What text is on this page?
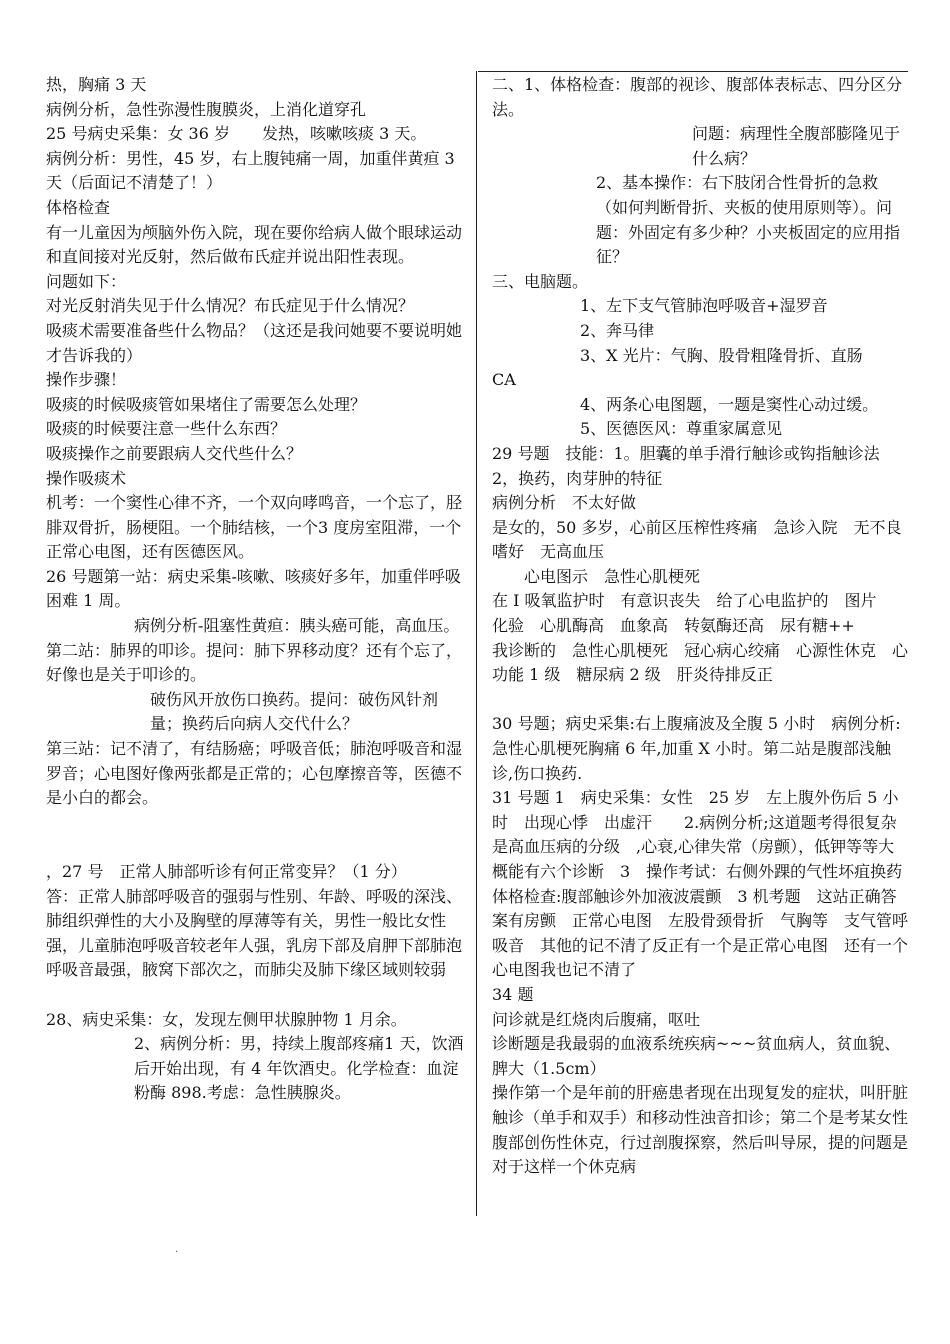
热，胸痛 3 天

病例分析，急性弥漫性腹膜炎，上消化道穿孔

25 号病史采集：女 36 岁　　发热，咳嗽咳痰 3 天。

病例分析：男性，45 岁，右上腹钝痛一周，加重伴黄疸 3 天（后面记不清楚了！）

体格检查

有一儿童因为颅脑外伤入院，现在要你给病人做个眼球运动和直间接对光反射，然后做布氏症并说出阳性表现。

问题如下：

对光反射消失见于什么情况？布氏症见于什么情况？

吸痰术需要准备些什么物品？（这还是我问她要不要说明她才告诉我的）

操作步骤！

吸痰的时候吸痰管如果堵住了需要怎么处理？

吸痰的时候要注意一些什么东西？

吸痰操作之前要跟病人交代些什么？

操作吸痰术

机考：一个窦性心律不齐，一个双向哮鸣音，一个忘了，胫腓双骨折，肠梗阻。一个肺结核，一个3 度房室阻滞，一个正常心电图，还有医德医风。

26 号题第一站：病史采集-咳嗽、咳痰好多年，加重伴呼吸困难 1 周。

病例分析-阻塞性黄疸：胰头癌可能，高血压。

第二站：肺界的叩诊。提问：肺下界移动度？还有个忘了，好像也是关于叩诊的。

破伤风开放伤口换药。提问：破伤风针剂量；换药后向病人交代什么？

第三站：记不清了，有结肠癌；呼吸音低；肺泡呼吸音和湿罗音；心电图好像两张都是正常的；心包摩擦音等，医德不是小白的都会。

，27 号　正常人肺部听诊有何正常变异？（1 分）

答：正常人肺部呼吸音的强弱与性别、年龄、呼吸的深浅、肺组织弹性的大小及胸壁的厚薄等有关，男性一般比女性强，儿童肺泡呼吸音较老年人强，乳房下部及肩胛下部肺泡呼吸音最强，腋窝下部次之，而肺尖及肺下缘区域则较弱

28、病史采集：女，发现左侧甲状腺肿物 1 月余。

2、病例分析：男，持续上腹部疼痛1 天，饮酒后开始出现，有 4 年饮酒史。化学检查：血淀粉酶 898.考虑：急性胰腺炎。

二、1、体格检查：腹部的视诊、腹部体表标志、四分区分法。

问题：病理性全腹部膨隆见于什么病？

2、基本操作：右下肢闭合性骨折的急救（如何判断骨折、夹板的使用原则等）。问题：外固定有多少种？小夹板固定的应用指征？

三、电脑题。

1、左下支气管肺泡呼吸音+湿罗音

2、奔马律

3、X 光片：气胸、股骨粗隆骨折、直肠

CA

4、两条心电图题，一题是窦性心动过缓。

5、医德医风：尊重家属意见

29 号题　技能：1。胆囊的单手滑行触诊或钩指触诊法　　2，换药，肉芽肿的特征

病例分析　不太好做

是女的，50 多岁，心前区压榨性疼痛　急诊入院　无不良嗜好　无高血压

心电图示　急性心肌梗死

在 I 吸氧监护时　有意识丧失　给了心电监护的　图片

化验　心肌酶高　血象高　转氨酶还高　尿有糖++

我诊断的　急性心肌梗死　冠心病心绞痛　心源性休克　心功能 1 级　糖尿病 2 级　肝炎待排反正

30 号题；病史采集:右上腹痛波及全腹 5 小时　病例分析:急性心肌梗死胸痛 6 年,加重 X 小时。第二站是腹部浅触诊,伤口换药.

31 号题 1　病史采集：女性　25 岁　左上腹外伤后 5 小时　出现心悸　出虚汗　　2.病例分析;这道题考得很复杂　是高血压病的分级　,心衰,心律失常（房颤），低钾等等大概能有六个诊断　3　操作考试：右侧外踝的气性坏疽换药　　　体格检查:腹部触诊外加液波震颤　3 机考题　这站正确答案有房颤　正常心电图　左股骨颈骨折　气胸等　支气管呼吸音　其他的记不清了反正有一个是正常心电图　还有一个心电图我也记不清了

34 题

问诊就是红烧肉后腹痛，呕吐

诊断题是我最弱的血液系统疾病~~~贫血病人，贫血貌、脾大（1.5cm）

操作第一个是年前的肝癌患者现在出现复发的症状，叫肝脏触诊（单手和双手）和移动性浊音扣诊；第二个是考某女性腹部创伤性休克，行过剖腹探察，然后叫导尿，提的问题是对于这样一个休克病

.
